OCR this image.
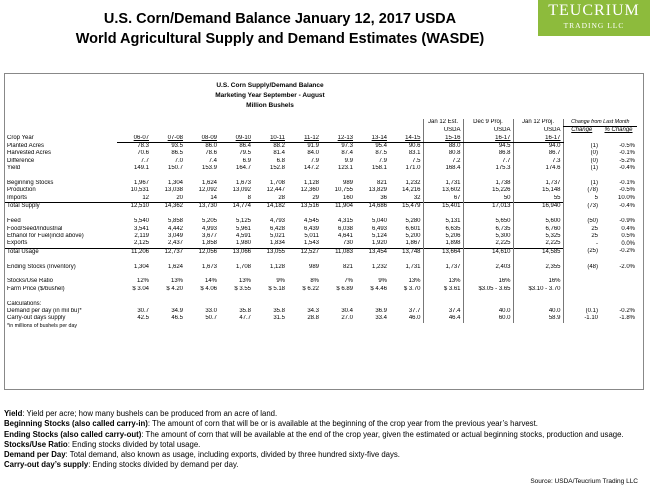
U.S. Corn/Demand Balance January 12, 2017 USDA
World Agricultural Supply and Demand Estimates (WASDE)
TEUCRIUM
TRADING LLC

	U.S. Corn Supply/Demand Balance													
	Marketing Year September - August													
	Million Bushels													

										Jan 12 Est.	Dec 9 Proj.	Jan 12 Proj.	Change from Last Month	
										USDA	USDA	USDA	Change	% Change
Crop Year	06-07	07-08	08-09	09-10	10-11	11-12	12-13	13-14	14-15	15-16	16-17	16-17		
Planted Acres	78.3	93.5	86.0	86.4	88.2	91.9	97.3	95.4	90.6	88.0	94.5	94.0	(1)	-0.5%
Harvested Acres	70.6	86.5	78.6	79.5	81.4	84.0	87.4	87.5	83.1	80.8	86.8	86.7	(0)	-0.1%
Difference	7.7	7.0	7.4	6.9	6.8	7.9	9.9	7.9	7.5	7.2	7.7	7.3	(0)	-5.2%
Yield	149.1	150.7	153.9	164.7	152.8	147.2	123.1	158.1	171.0	168.4	175.3	174.6	(1)	-0.4%

Beginning Stocks	1,967	1,304	1,624	1,673	1,708	1,128	989	821	1,232	1,731	1,738	1,737	(1)	-0.1%
Production	10,531	13,038	12,092	13,092	12,447	12,360	10,755	13,829	14,216	13,602	15,226	15,148	(78)	-0.5%
Imports	12	20	14	8	28	29	160	36	32	67	50	55	5	10.0%
Total Supply	12,510	14,362	13,730	14,774	14,182	13,516	11,904	14,686	15,479	15,401	17,013	16,940	(73)	-0.4%

Feed	5,540	5,858	5,205	5,125	4,793	4,545	4,315	5,040	5,280	5,131	5,650	5,600	(50)	-0.9%
Food/Seed/Industrial	3,541	4,442	4,993	5,961	6,428	6,439	6,038	6,493	6,601	6,635	6,735	6,760	25	0.4%
Ethanol for Fuel(incld above)	2,119	3,049	3,677	4,591	5,021	5,011	4,641	5,124	5,200	5,206	5,300	5,325	25	0.5%
Exports	2,125	2,437	1,858	1,980	1,834	1,543	730	1,920	1,867	1,898	2,225	2,225	-	0.0%
Total Usage	11,206	12,737	12,056	13,066	13,055	12,527	11,083	13,454	13,748	13,664	14,610	14,585	(25)	-0.2%

Ending Stocks (Inventory)	1,304	1,624	1,673	1,708	1,128	989	821	1,232	1,731	1,737	2,403	2,355	(48)	-2.0%

Stocks/Use Ratio	12%	13%	14%	13%	9%	8%	7%	9%	13%	13%	16%	16%		
Farm Price ($/bushel)	$ 3.04	$ 4.20	$ 4.06	$ 3.55	$ 5.18	$ 6.22	$ 6.89	$ 4.46	$ 3.70	$ 3.61	$3.05 - 3.65	$3.10 - 3.70		

Calculations:														
Demand per day (in mil bu)*	30.7	34.9	33.0	35.8	35.8	34.3	30.4	36.9	37.7	37.4	40.0	40.0	(0.1)	-0.2%
Carry-out days supply	42.5	46.5	50.7	47.7	31.5	28.8	27.0	33.4	46.0	46.4	60.0	58.9	-1.10	-1.8%
*in millions of bushels per day														
Yield: Yield per acre; how many bushels can be produced from an acre of land.
Beginning Stocks (also called carry-in): The amount of corn that will be or is available at the beginning of the crop year from the previous year’s harvest.
Ending Stocks (also called carry-out): The amount of corn that will be available at the end of the crop year, given the estimated or actual beginning stocks, production and usage.
Stocks/Use Ratio: Ending stocks divided by total usage.
Demand per Day: Total demand, also known as usage, including exports, divided by three hundred sixty-five days.
Carry-out day’s supply: Ending stocks divided by demand per day.
Source: USDA/Teucrium Trading LLC
